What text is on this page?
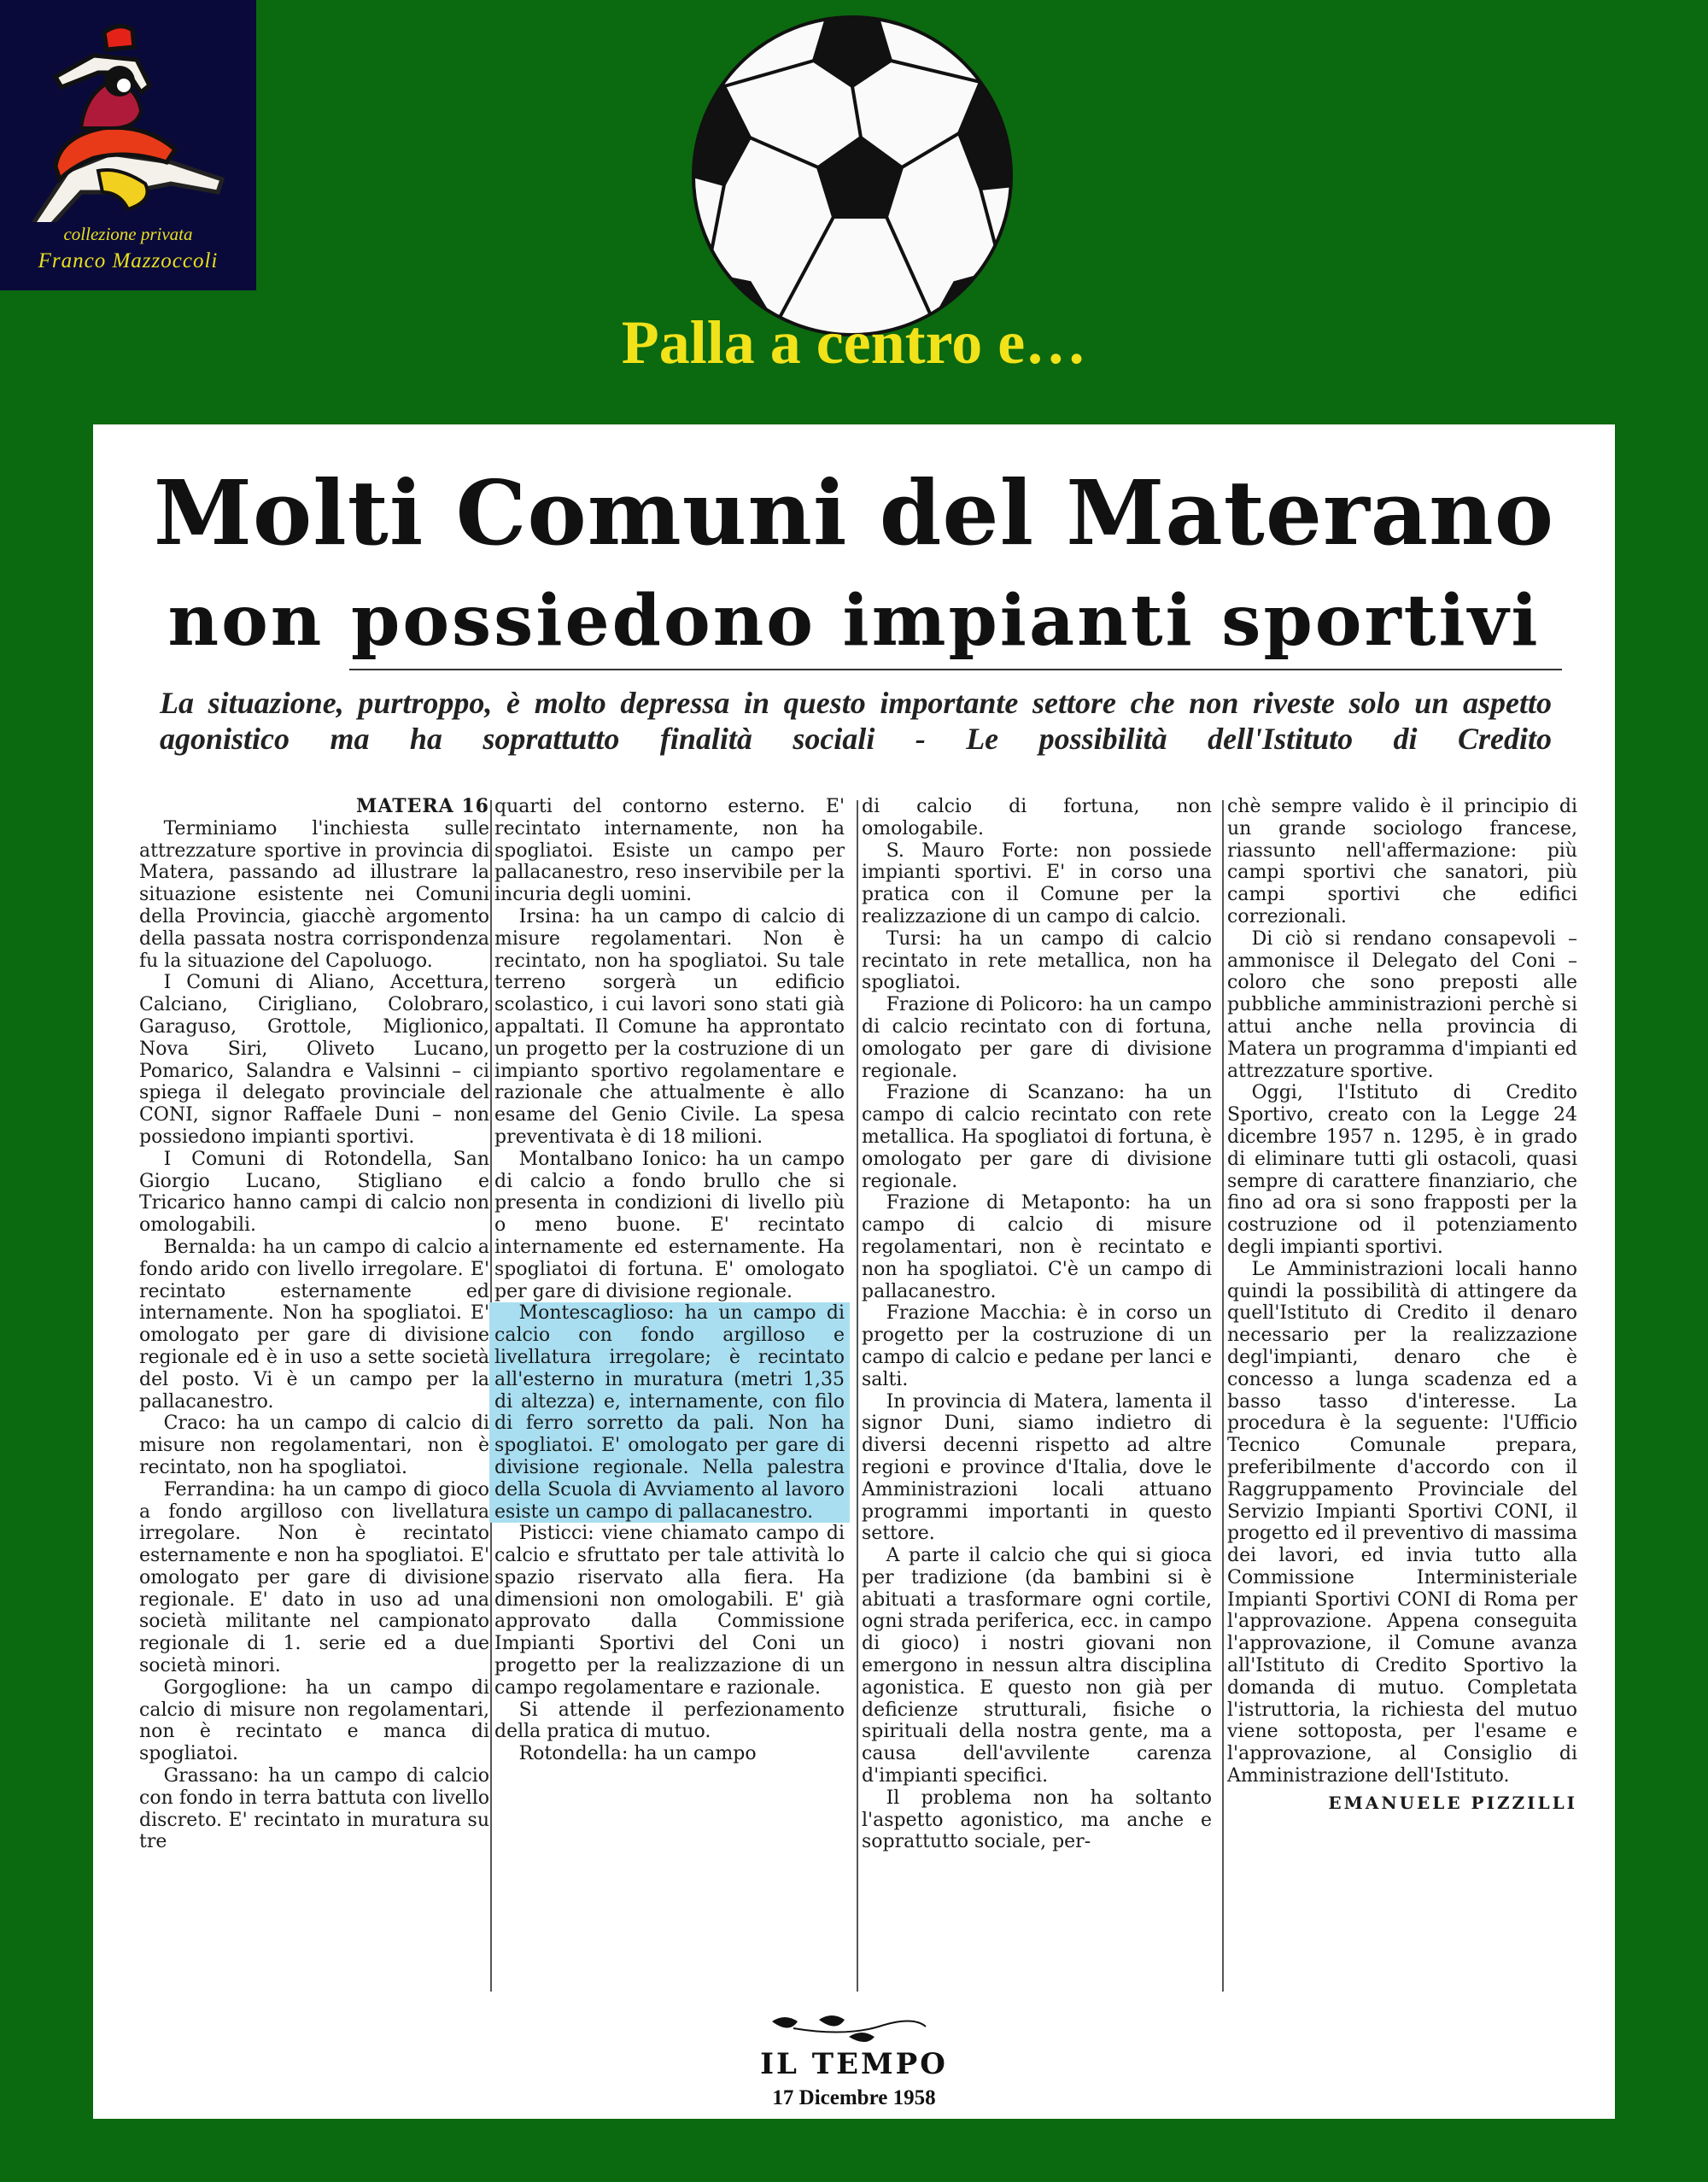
collezione privata
Franco Mazzoccoli
Palla a centro e…
Molti Comuni del Materano
non possiedono impianti sportivi
La situazione, purtroppo, è molto depressa in questo importante settore che non riveste solo un aspetto agonistico ma ha soprattutto finalità sociali - Le possibilità dell'Istituto di Credito
MATERA 16

Terminiamo l'inchiesta sulle attrezzature sportive in provincia di Matera, passando ad illustrare la situazione esistente nei Comuni della Provincia, giacchè argomento della passata nostra corrispondenza fu la situazione del Capoluogo.

I Comuni di Aliano, Accettura, Calciano, Cirigliano, Colobraro, Garaguso, Grottole, Miglionico, Nova Siri, Oliveto Lucano, Pomarico, Salandra e Valsinni – ci spiega il delegato provinciale del CONI, signor Raffaele Duni – non possiedono impianti sportivi.

I Comuni di Rotondella, San Giorgio Lucano, Stigliano e Tricarico hanno campi di calcio non omologabili.

Bernalda: ha un campo di calcio a fondo arido con livello irregolare. E' recintato esternamente ed internamente. Non ha spogliatoi. E' omologato per gare di divisione regionale ed è in uso a sette società del posto. Vi è un campo per la pallacanestro.

Craco: ha un campo di calcio di misure non regolamentari, non è recintato, non ha spogliatoi.

Ferrandina: ha un campo di gioco a fondo argilloso con livellatura irregolare. Non è recintato esternamente e non ha spogliatoi. E' omologato per gare di divisione regionale. E' dato in uso ad una società militante nel campionato regionale di 1. serie ed a due società minori.

Gorgoglione: ha un campo di calcio di misure non regolamentari, non è recintato e manca di spogliatoi.

Grassano: ha un campo di calcio con fondo in terra battuta con livello discreto. E' recintato in muratura su tre

quarti del contorno esterno. E' recintato internamente, non ha spogliatoi. Esiste un campo per pallacanestro, reso inservibile per la incuria degli uomini.

Irsina: ha un campo di calcio di misure regolamentari. Non è recintato, non ha spogliatoi. Su tale terreno sorgerà un edificio scolastico, i cui lavori sono stati già appaltati. Il Comune ha approntato un progetto per la costruzione di un impianto sportivo regolamentare e razionale che attualmente è allo esame del Genio Civile. La spesa preventivata è di 18 milioni.

Montalbano Ionico: ha un campo di calcio a fondo brullo che si presenta in condizioni di livello più o meno buone. E' recintato internamente ed esternamente. Ha spogliatoi di fortuna. E' omologato per gare di divisione regionale.

Montescaglioso: ha un campo di calcio con fondo argilloso e livellatura irregolare; è recintato all'esterno in muratura (metri 1,35 di altezza) e, internamente, con filo di ferro sorretto da pali. Non ha spogliatoi. E' omologato per gare di divisione regionale. Nella palestra della Scuola di Avviamento al lavoro esiste un campo di pallacanestro.

Pisticci: viene chiamato campo di calcio e sfruttato per tale attività lo spazio riservato alla fiera. Ha dimensioni non omologabili. E' già approvato dalla Commissione Impianti Sportivi del Coni un progetto per la realizzazione di un campo regolamentare e razionale.

Si attende il perfezionamento della pratica di mutuo.

Rotondella: ha un campo

di calcio di fortuna, non omologabile.

S. Mauro Forte: non possiede impianti sportivi. E' in corso una pratica con il Comune per la realizzazione di un campo di calcio.

Tursi: ha un campo di calcio recintato in rete metallica, non ha spogliatoi.

Frazione di Policoro: ha un campo di calcio recintato con di fortuna, omologato per gare di divisione regionale.

Frazione di Scanzano: ha un campo di calcio recintato con rete metallica. Ha spogliatoi di fortuna, è omologato per gare di divisione regionale.

Frazione di Metaponto: ha un campo di calcio di misure regolamentari, non è recintato e non ha spogliatoi. C'è un campo di pallacanestro.

Frazione Macchia: è in corso un progetto per la costruzione di un campo di calcio e pedane per lanci e salti.

In provincia di Matera, lamenta il signor Duni, siamo indietro di diversi decenni rispetto ad altre regioni e province d'Italia, dove le Amministrazioni locali attuano programmi importanti in questo settore.

A parte il calcio che qui si gioca per tradizione (da bambini si è abituati a trasformare ogni cortile, ogni strada periferica, ecc. in campo di gioco) i nostri giovani non emergono in nessun altra disciplina agonistica. E questo non già per deficienze strutturali, fisiche o spirituali della nostra gente, ma a causa dell'avvilente carenza d'impianti specifici.

Il problema non ha soltanto l'aspetto agonistico, ma anche e soprattutto sociale, per-

chè sempre valido è il principio di un grande sociologo francese, riassunto nell'affermazione: più campi sportivi che sanatori, più campi sportivi che edifici correzionali.

Di ciò si rendano consapevoli – ammonisce il Delegato del Coni – coloro che sono preposti alle pubbliche amministrazioni perchè si attui anche nella provincia di Matera un programma d'impianti ed attrezzature sportive.

Oggi, l'Istituto di Credito Sportivo, creato con la Legge 24 dicembre 1957 n. 1295, è in grado di eliminare tutti gli ostacoli, quasi sempre di carattere finanziario, che fino ad ora si sono frapposti per la costruzione od il potenziamento degli impianti sportivi.

Le Amministrazioni locali hanno quindi la possibilità di attingere da quell'Istituto di Credito il denaro necessario per la realizzazione degl'impianti, denaro che è concesso a lunga scadenza ed a basso tasso d'interesse. La procedura è la seguente: l'Ufficio Tecnico Comunale prepara, preferibilmente d'accordo con il Raggruppamento Provinciale del Servizio Impianti Sportivi CONI, il progetto ed il preventivo di massima dei lavori, ed invia tutto alla Commissione Interministeriale Impianti Sportivi CONI di Roma per l'approvazione. Appena conseguita l'approvazione, il Comune avanza all'Istituto di Credito Sportivo la domanda di mutuo. Completata l'istruttoria, la richiesta del mutuo viene sottoposta, per l'esame e l'approvazione, al Consiglio di Amministrazione dell'Istituto.

EMANUELE PIZZILLI
IL TEMPO
17 Dicembre 1958
